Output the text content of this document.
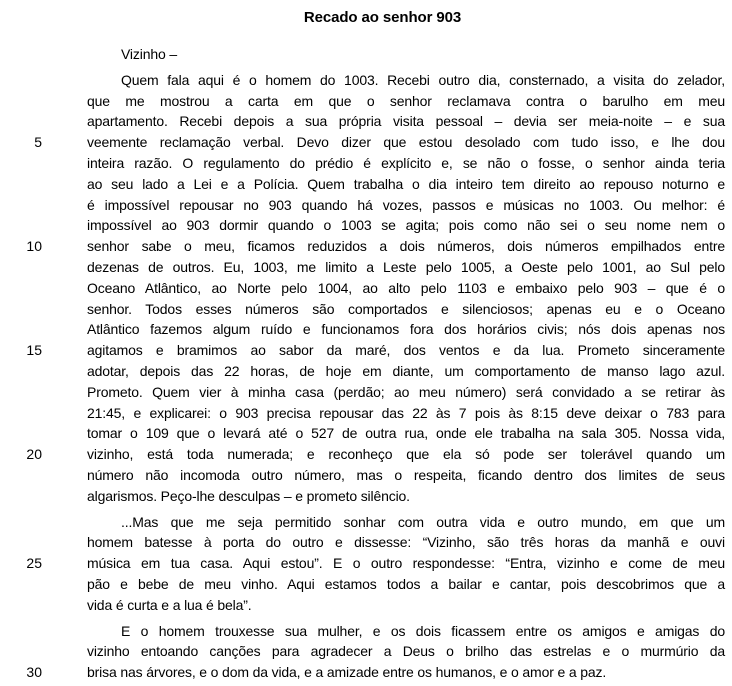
Recado ao senhor 903
Vizinho –
Quem fala aqui é o homem do 1003. Recebi outro dia, consternado, a visita do zelador,
que me mostrou a carta em que o senhor reclamava contra o barulho em meu
apartamento. Recebi depois a sua própria visita pessoal – devia ser meia-noite – e sua
5	veemente reclamação verbal. Devo dizer que estou desolado com tudo isso, e lhe dou
inteira razão. O regulamento do prédio é explícito e, se não o fosse, o senhor ainda teria
ao seu lado a Lei e a Polícia. Quem trabalha o dia inteiro tem direito ao repouso noturno e
é impossível repousar no 903 quando há vozes, passos e músicas no 1003. Ou melhor: é
impossível ao 903 dormir quando o 1003 se agita; pois como não sei o seu nome nem o
10	senhor sabe o meu, ficamos reduzidos a dois números, dois números empilhados entre
dezenas de outros. Eu, 1003, me limito a Leste pelo 1005, a Oeste pelo 1001, ao Sul pelo
Oceano Atlântico, ao Norte pelo 1004, ao alto pelo 1103 e embaixo pelo 903 – que é o
senhor. Todos esses números são comportados e silenciosos; apenas eu e o Oceano
Atlântico fazemos algum ruído e funcionamos fora dos horários civis; nós dois apenas nos
15	agitamos e bramimos ao sabor da maré, dos ventos e da lua. Prometo sinceramente
adotar, depois das 22 horas, de hoje em diante, um comportamento de manso lago azul.
Prometo. Quem vier à minha casa (perdão; ao meu número) será convidado a se retirar às
21:45, e explicarei: o 903 precisa repousar das 22 às 7 pois às 8:15 deve deixar o 783 para
tomar o 109 que o levará até o 527 de outra rua, onde ele trabalha na sala 305. Nossa vida,
20	vizinho, está toda numerada; e reconheço que ela só pode ser tolerável quando um
número não incomoda outro número, mas o respeita, ficando dentro dos limites de seus
algarismos. Peço-lhe desculpas – e prometo silêncio.
...Mas que me seja permitido sonhar com outra vida e outro mundo, em que um
homem batesse à porta do outro e dissesse: “Vizinho, são três horas da manhã e ouvi
25	música em tua casa. Aqui estou”. E o outro respondesse: “Entra, vizinho e come de meu
pão e bebe de meu vinho. Aqui estamos todos a bailar e cantar, pois descobrimos que a
vida é curta e a lua é bela”.
E o homem trouxesse sua mulher, e os dois ficassem entre os amigos e amigas do
vizinho entoando canções para agradecer a Deus o brilho das estrelas e o murmúrio da
30	brisa nas árvores, e o dom da vida, e a amizade entre os humanos, e o amor e a paz.
